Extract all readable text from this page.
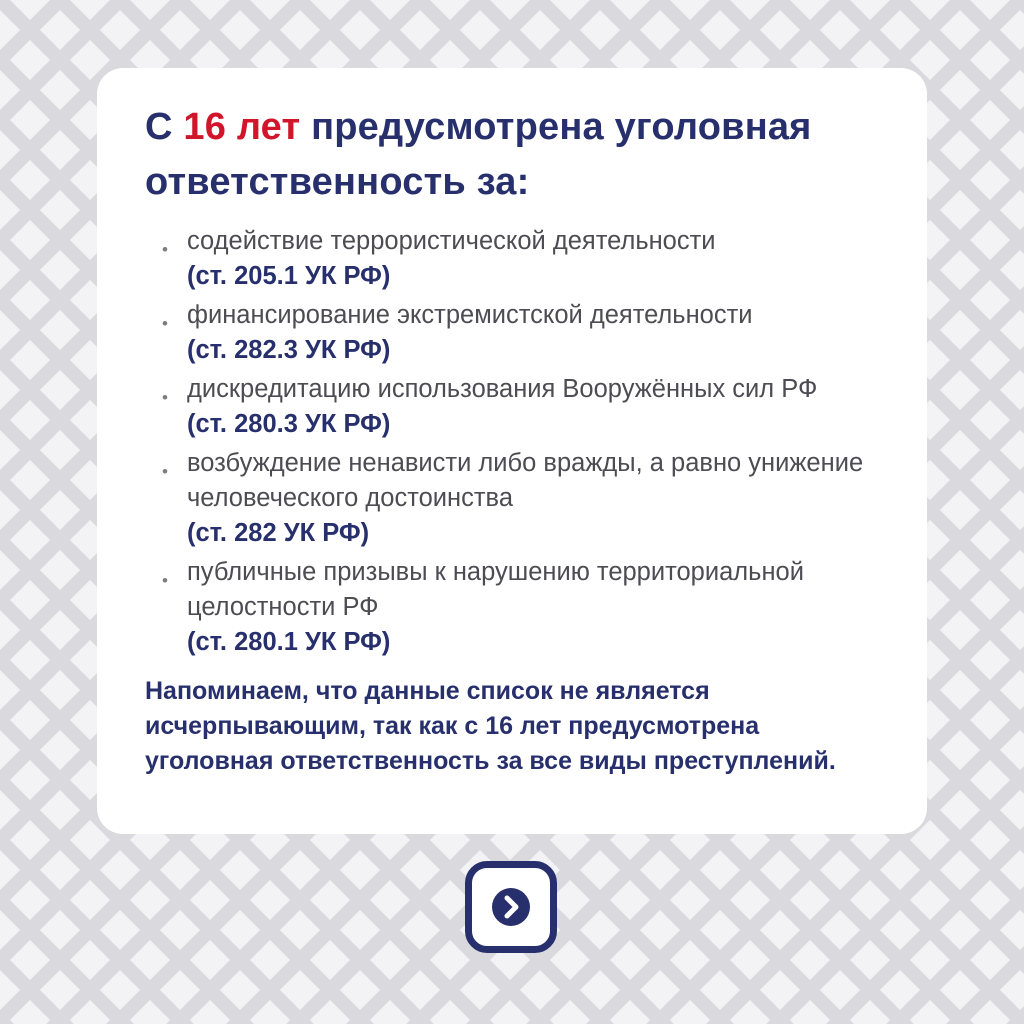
С 16 лет предусмотрена уголовная ответственность за:
• содействие террористической деятельности
(ст. 205.1 УК РФ)
• финансирование экстремистской деятельности
(ст. 282.3 УК РФ)
• дискредитацию использования Вооружённых сил РФ (ст. 280.3 УК РФ)
• возбуждение ненависти либо вражды, а равно унижение человеческого достоинства
(ст. 282 УК РФ)
• публичные призывы к нарушению территориальной целостности РФ
(ст. 280.1 УК РФ)

Напоминаем, что данные список не является исчерпывающим, так как с 16 лет предусмотрена уголовная ответственность за все виды преступлений.
